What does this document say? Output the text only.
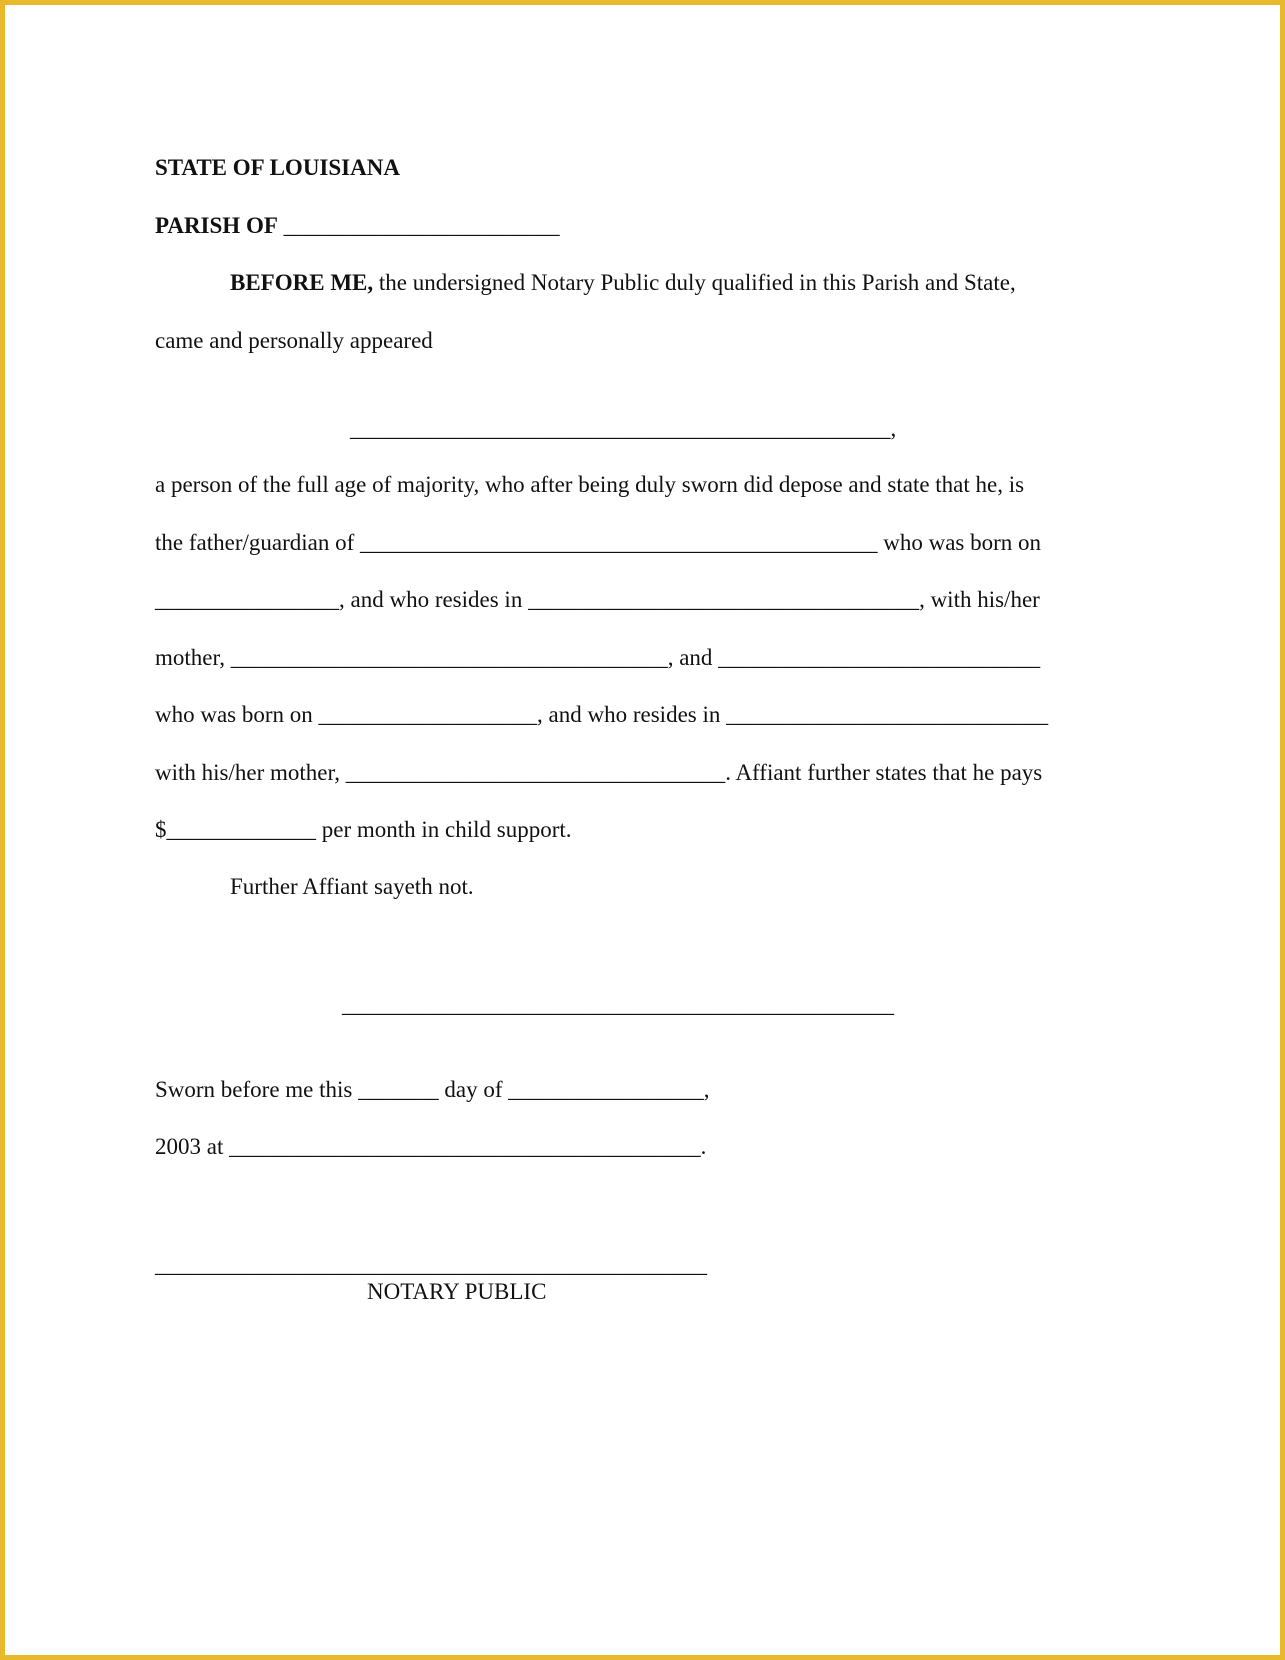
STATE OF LOUISIANA
PARISH OF ________________________
BEFORE ME, the undersigned Notary Public duly qualified in this Parish and State,
came and personally appeared
_______________________________________________,
a person of the full age of majority, who after being duly sworn did depose and state that he, is
the father/guardian of _____________________________________________ who was born on
________________, and who resides in __________________________________, with his/her
mother, ______________________________________, and ____________________________
who was born on ___________________, and who resides in ____________________________
with his/her mother, _________________________________. Affiant further states that he pays
$_____________ per month in child support.
Further Affiant sayeth not.
________________________________________________
Sworn before me this _______ day of _________________,
2003 at _________________________________________.
________________________________________________
NOTARY PUBLIC
